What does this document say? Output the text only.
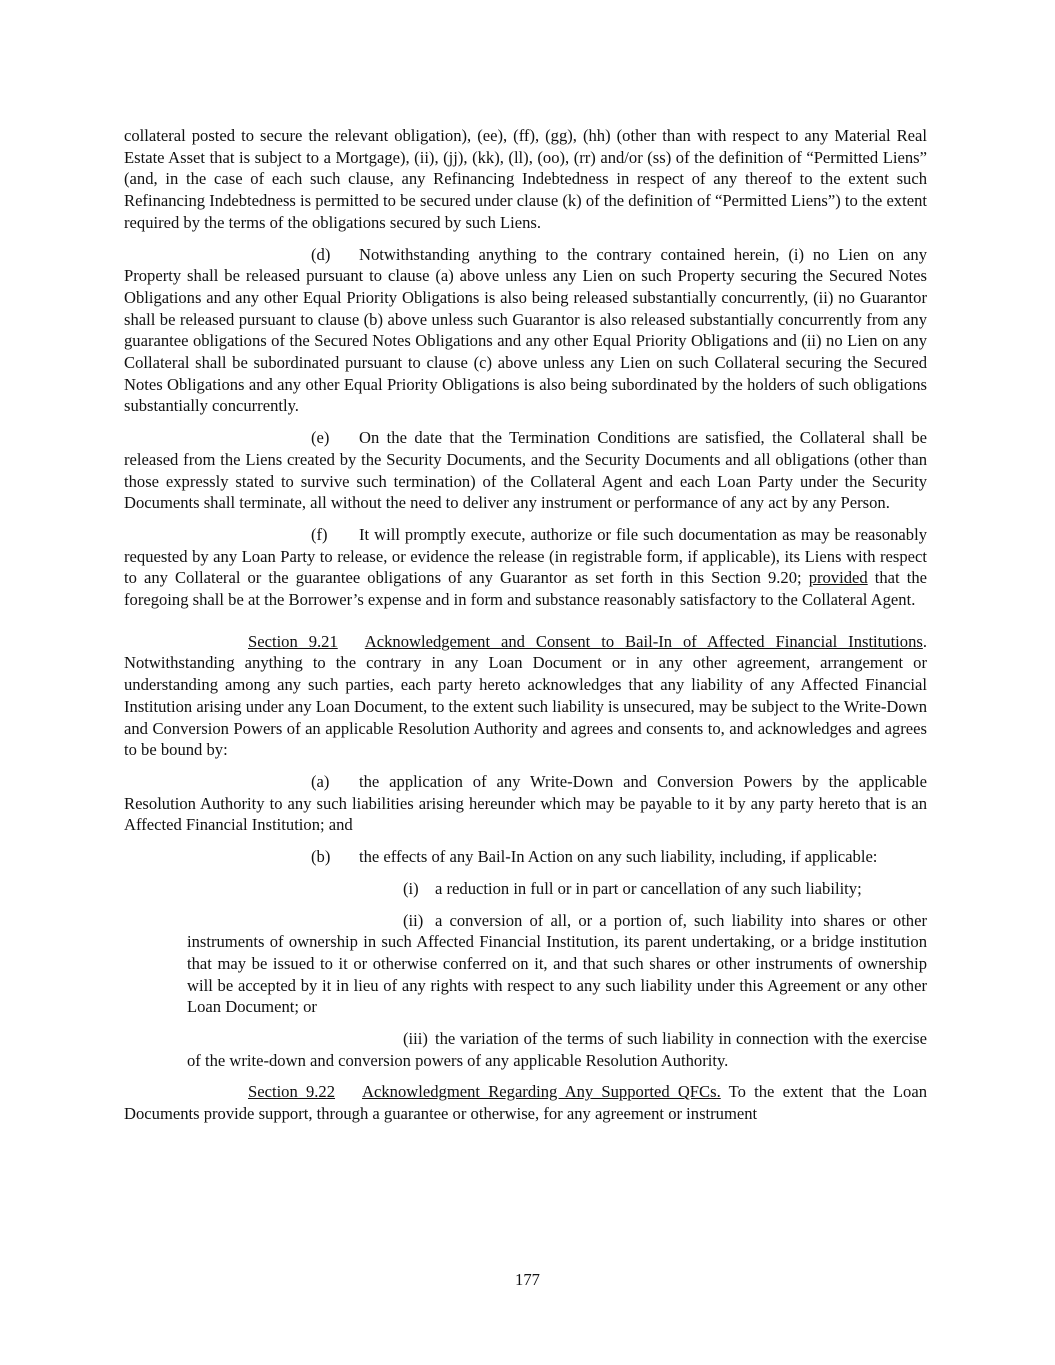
collateral posted to secure the relevant obligation), (ee), (ff), (gg), (hh) (other than with respect to any Material Real Estate Asset that is subject to a Mortgage), (ii), (jj), (kk), (ll), (oo), (rr) and/or (ss) of the definition of “Permitted Liens” (and, in the case of each such clause, any Refinancing Indebtedness in respect of any thereof to the extent such Refinancing Indebtedness is permitted to be secured under clause (k) of the definition of “Permitted Liens”) to the extent required by the terms of the obligations secured by such Liens.

(d) Notwithstanding anything to the contrary contained herein, (i) no Lien on any Property shall be released pursuant to clause (a) above unless any Lien on such Property securing the Secured Notes Obligations and any other Equal Priority Obligations is also being released substantially concurrently, (ii) no Guarantor shall be released pursuant to clause (b) above unless such Guarantor is also released substantially concurrently from any guarantee obligations of the Secured Notes Obligations and any other Equal Priority Obligations and (ii) no Lien on any Collateral shall be subordinated pursuant to clause (c) above unless any Lien on such Collateral securing the Secured Notes Obligations and any other Equal Priority Obligations is also being subordinated by the holders of such obligations substantially concurrently.

(e) On the date that the Termination Conditions are satisfied, the Collateral shall be released from the Liens created by the Security Documents, and the Security Documents and all obligations (other than those expressly stated to survive such termination) of the Collateral Agent and each Loan Party under the Security Documents shall terminate, all without the need to deliver any instrument or performance of any act by any Person.

(f) It will promptly execute, authorize or file such documentation as may be reasonably requested by any Loan Party to release, or evidence the release (in registrable form, if applicable), its Liens with respect to any Collateral or the guarantee obligations of any Guarantor as set forth in this Section 9.20; provided that the foregoing shall be at the Borrower’s expense and in form and substance reasonably satisfactory to the Collateral Agent.

Section 9.21 Acknowledgement and Consent to Bail-In of Affected Financial Institutions. Notwithstanding anything to the contrary in any Loan Document or in any other agreement, arrangement or understanding among any such parties, each party hereto acknowledges that any liability of any Affected Financial Institution arising under any Loan Document, to the extent such liability is unsecured, may be subject to the Write-Down and Conversion Powers of an applicable Resolution Authority and agrees and consents to, and acknowledges and agrees to be bound by:

(a) the application of any Write-Down and Conversion Powers by the applicable Resolution Authority to any such liabilities arising hereunder which may be payable to it by any party hereto that is an Affected Financial Institution; and

(b) the effects of any Bail-In Action on any such liability, including, if applicable:

(i) a reduction in full or in part or cancellation of any such liability;

(ii) a conversion of all, or a portion of, such liability into shares or other instruments of ownership in such Affected Financial Institution, its parent undertaking, or a bridge institution that may be issued to it or otherwise conferred on it, and that such shares or other instruments of ownership will be accepted by it in lieu of any rights with respect to any such liability under this Agreement or any other Loan Document; or

(iii) the variation of the terms of such liability in connection with the exercise of the write-down and conversion powers of any applicable Resolution Authority.

Section 9.22 Acknowledgment Regarding Any Supported QFCs. To the extent that the Loan Documents provide support, through a guarantee or otherwise, for any agreement or instrument

177
